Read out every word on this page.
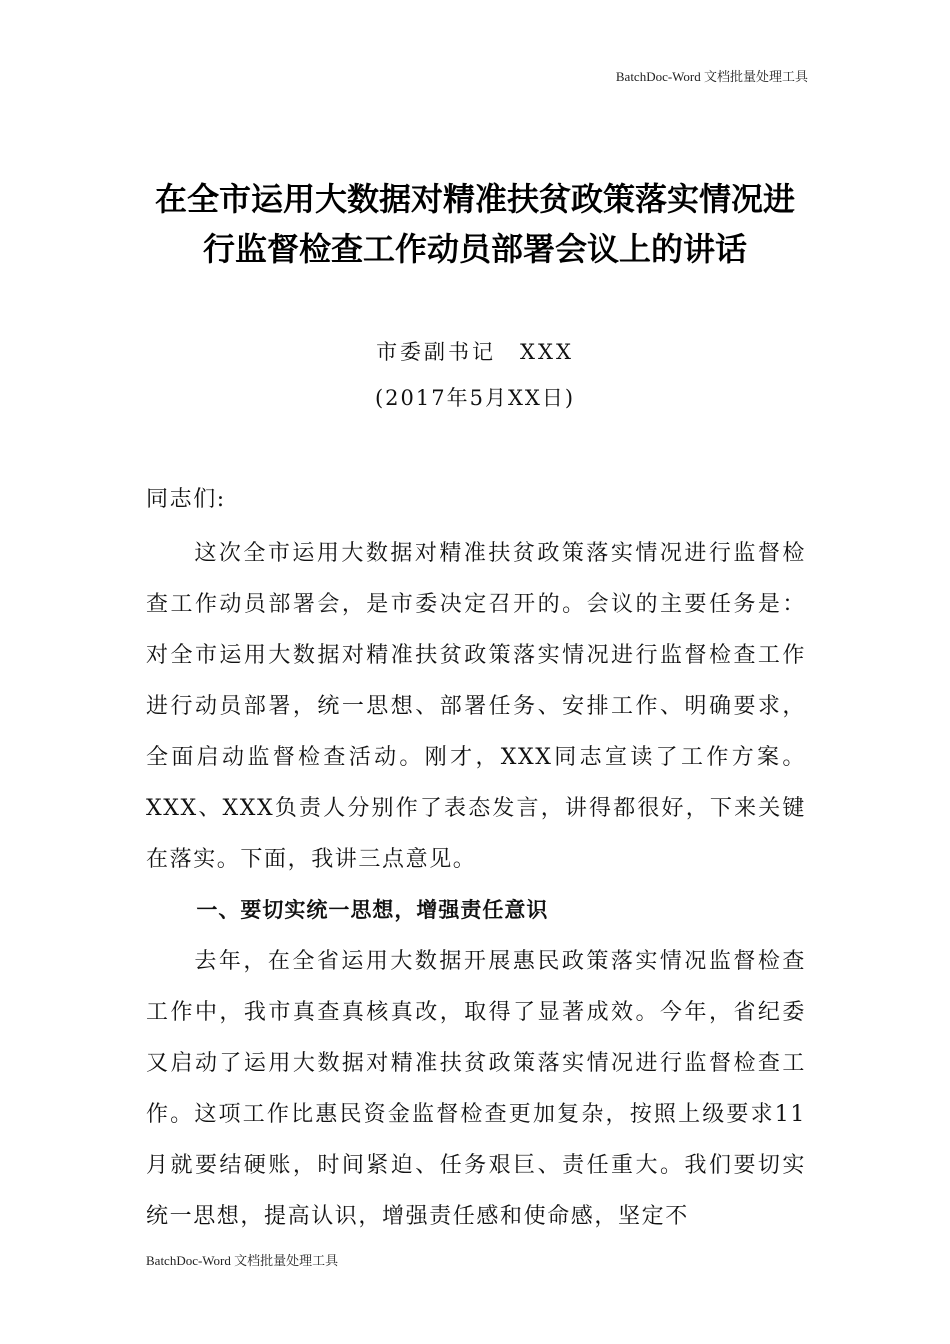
BatchDoc-Word 文档批量处理工具
在全市运用大数据对精准扶贫政策落实情况进行监督检查工作动员部署会议上的讲话
市委副书记　XXX
(2017年5月XX日)

同志们:

这次全市运用大数据对精准扶贫政策落实情况进行监督检查工作动员部署会，是市委决定召开的。会议的主要任务是：对全市运用大数据对精准扶贫政策落实情况进行监督检查工作进行动员部署，统一思想、部署任务、安排工作、明确要求，全面启动监督检查活动。刚才，XXX同志宣读了工作方案。XXX、XXX负责人分别作了表态发言，讲得都很好，下来关键在落实。下面，我讲三点意见。

一、要切实统一思想，增强责任意识

去年，在全省运用大数据开展惠民政策落实情况监督检查工作中，我市真查真核真改，取得了显著成效。今年，省纪委又启动了运用大数据对精准扶贫政策落实情况进行监督检查工作。这项工作比惠民资金监督检查更加复杂，按照上级要求11月就要结硬账，时间紧迫、任务艰巨、责任重大。我们要切实统一思想，提高认识，增强责任感和使命感，坚定不

BatchDoc-Word 文档批量处理工具
